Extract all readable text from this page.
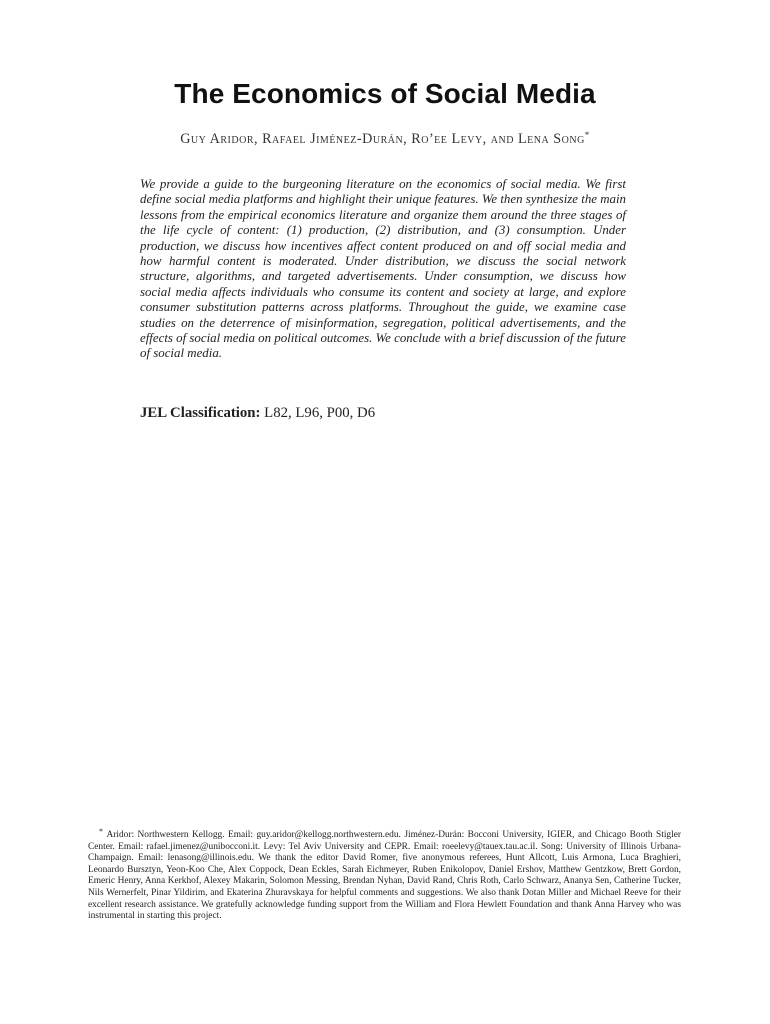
The Economics of Social Media
Guy Aridor, Rafael Jiménez-Durán, Ro’ee Levy, and Lena Song*

We provide a guide to the burgeoning literature on the economics of social media. We first define social media platforms and highlight their unique features. We then synthesize the main lessons from the empirical economics literature and organize them around the three stages of the life cycle of content: (1) production, (2) distribution, and (3) consumption. Under production, we discuss how incentives affect content produced on and off social media and how harmful content is moderated. Under distribution, we discuss the social network structure, algorithms, and targeted advertisements. Under consumption, we discuss how social media affects individuals who consume its content and society at large, and explore consumer substitution patterns across platforms. Throughout the guide, we examine case studies on the deterrence of misinformation, segregation, political advertisements, and the effects of social media on political outcomes. We conclude with a brief discussion of the future of social media.

JEL Classification: L82, L96, P00, D6

* Aridor: Northwestern Kellogg. Email: guy.aridor@kellogg.northwestern.edu. Jiménez-Durán: Bocconi University, IGIER, and Chicago Booth Stigler Center. Email: rafael.jimenez@unibocconi.it. Levy: Tel Aviv University and CEPR. Email: roeelevy@tauex.tau.ac.il. Song: University of Illinois Urbana-Champaign. Email: lenasong@illinois.edu. We thank the editor David Romer, five anonymous referees, Hunt Allcott, Luis Armona, Luca Braghieri, Leonardo Bursztyn, Yeon-Koo Che, Alex Coppock, Dean Eckles, Sarah Eichmeyer, Ruben Enikolopov, Daniel Ershov, Matthew Gentzkow, Brett Gordon, Emeric Henry, Anna Kerkhof, Alexey Makarin, Solomon Messing, Brendan Nyhan, David Rand, Chris Roth, Carlo Schwarz, Ananya Sen, Catherine Tucker, Nils Wernerfelt, Pinar Yildirim, and Ekaterina Zhuravskaya for helpful comments and suggestions. We also thank Dotan Miller and Michael Reeve for their excellent research assistance. We gratefully acknowledge funding support from the William and Flora Hewlett Foundation and thank Anna Harvey who was instrumental in starting this project.
